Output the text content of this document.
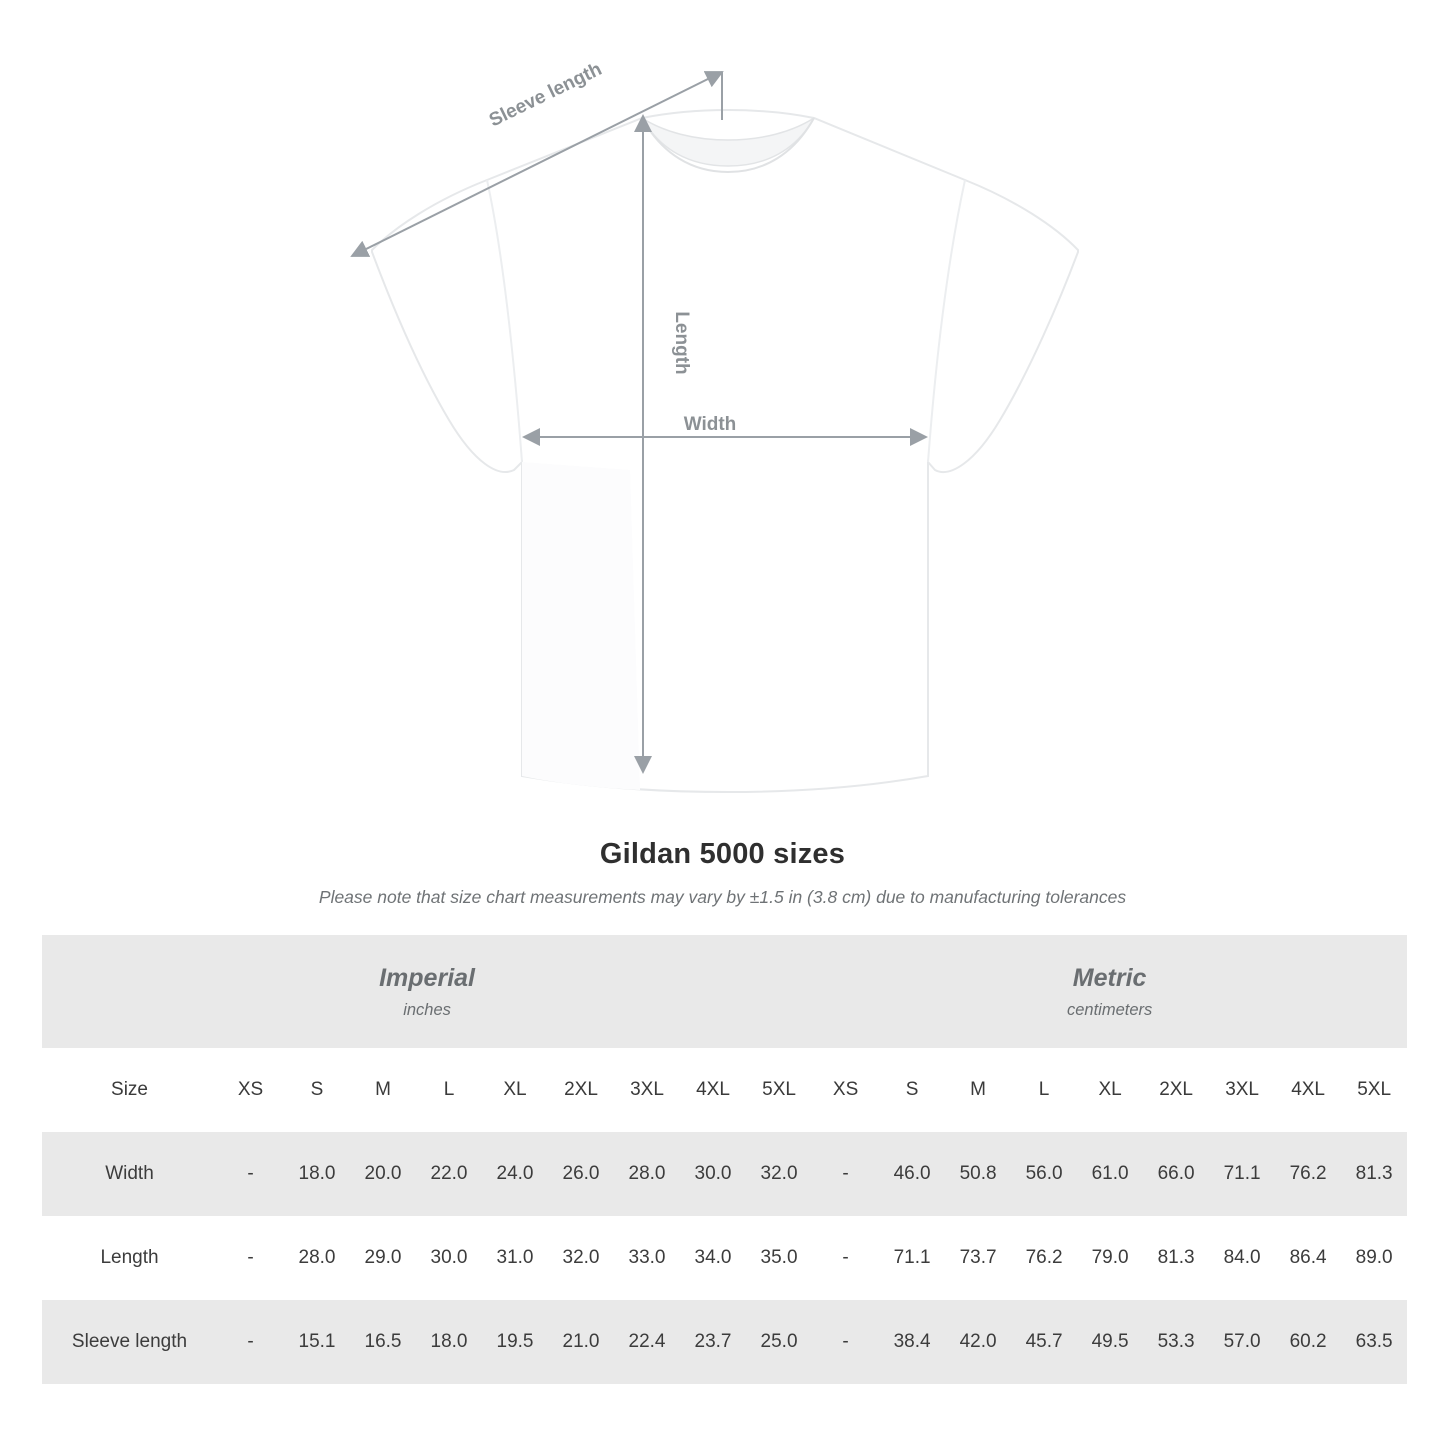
Sleeve length
Length
Width
Gildan 5000 sizes
Please note that size chart measurements may vary by ±1.5 in (3.8 cm) due to manufacturing tolerances
Imperial
inches

Metric
centimeters

Size	XS	S	M	L	XL	2XL	3XL	4XL	5XL	XS	S	M	L	XL	2XL	3XL	4XL	5XL
Width	-	18.0	20.0	22.0	24.0	26.0	28.0	30.0	32.0	-	46.0	50.8	56.0	61.0	66.0	71.1	76.2	81.3
Length	-	28.0	29.0	30.0	31.0	32.0	33.0	34.0	35.0	-	71.1	73.7	76.2	79.0	81.3	84.0	86.4	89.0
Sleeve length	-	15.1	16.5	18.0	19.5	21.0	22.4	23.7	25.0	-	38.4	42.0	45.7	49.5	53.3	57.0	60.2	63.5
